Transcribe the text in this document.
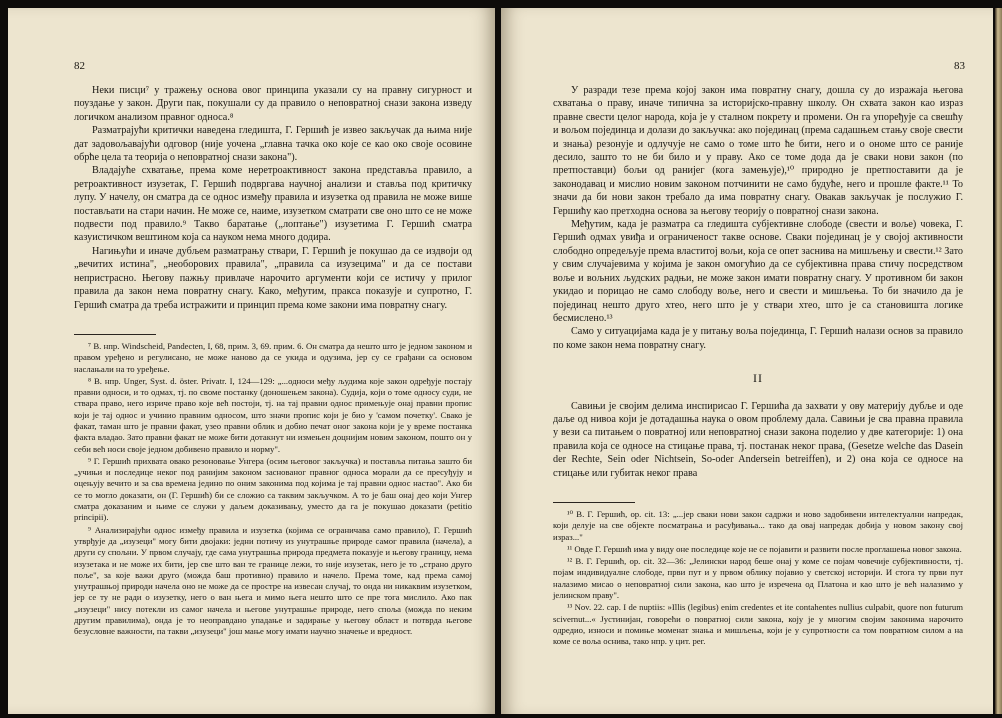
82

Неки писци⁷ у тражењу основа овог принципа указали су на правну сигурност и поуздање у закон. Други пак, покушали су да правило о неповратној снази закона изведу логичком анализом правног односа.⁸

Разматрајући критички наведена гледишта, Г. Гершић је извео закључак да њима није дат задовољавајући одговор (није уочена „главна тачка око које се као око своје осовине обрће цела та теорија о неповратној снази закона").

Владајуће схватање, према коме неретроактивност закона представља правило, а ретроактивност изузетак, Г. Гершић подвргава научној анализи и ставља под критичку лупу. У начелу, он сматра да се однос између правила и изузетка од правила не може више постављати на стари начин. Не може се, наиме, изузетком сматрати све оно што се не може подвести под правило.⁹ Такво баратање („лоптање") изузетима Г. Гершић сматра казуистичком вештином која са науком нема много додира.

Нагињући и иначе дубљем разматрању ствари, Г. Гершић је покушао да се издвоји од „вечитих истина", „необорових правила", „правила са изузецима" и да се постави непристрасно. Његову пажњу привлаче нарочито аргументи који се истичу у прилог правила да закон нема повратну снагу. Како, међутим, пракса показује и супротно, Г. Гершић сматра да треба истражити и принцип према коме закони има повратну снагу.

⁷ В. нпр. Windscheid, Pandecten, I, 68, прим. 3, 69. прим. 6. Он сматра да нешто што је једном законом и правом уређено и регулисано, не може наново да се укида и одузима, јер су се грађани са основом наслањали на то уређење.

⁸ В. нпр. Unger, Syst. d. öster. Privatr. I, 124—129: „...односи међу људима које закон одређује постају правни односи, и то одмах, тј. по своме постанку (доношењем закона). Судија, који о томе односу суди, не ствара право, него изриче право које већ постоји, тј. на тај правни однос примењује онај правни пропис који је тај однос и учинио правним односом, што значи пропис који је био у 'самом почетку'. Свако је факат, таман што је правни факат, узео правни облик и добио печат оног закона који је у време постанка факта владао. Зато правни факат не може бити дотакнут ни измењен доцнијим новим законом, пошто он у себи већ носи своје једном добивено правило и норму".

⁹ Г. Гершић прихвата овако резоновање Унгера (осим његовог закључка) и поставља питања зашто би „учињи и последице неког под ранијим законом заснованог правног односа морали да се пресуђују и оцењују вечито и за сва времена једино по оним законима под којима је тај правни однос настао". Ако би се то могло доказати, он (Г. Гершић) би се сложио са таквим закључком. А то је баш онај део који Унгер сматра доказаним и њиме се служи у даљем доказивању, уместо да га је покушао доказати (petitio principii).

⁹ Анализирајући однос између правила и изузетка (којима се ограничава само правило), Г. Гершић утврђује да „изузеци" могу бити двојаки: једни потичу из унутрашње природе самог правила (начела), а други су спољни. У првом случају, где сама унутрашња природа предмета показује и његову границу, нема изузетака и не може их бити, јер све што ван те границе лежи, то није изузетак, него је то „страно друго поље", за које важи друго (можда баш противно) правило и начело. Према томе, кад према самој унутрашњој природи начела оно не може да се простре на извесан случај, то онда ни никаквим изузетком, јер се ту не ради о изузетку, него о ван њега и мимо њега нешто што се пре тога мислило. Ако пак „изузеци" нису потекли из самог начела и његове унутрашње природе, него споља (можда по неким другим правилима), онда је то неоправдано упадање и задирање у његову област и потврда његове безусловне важности, па такви „изузеци" још мање могу имати научно значење и вредност.

83

У разради тезе према којој закон има повратну снагу, дошла су до изражаја његова схватања о праву, иначе типична за историјско-правну школу. Он схвата закон као израз правне свести целог народа, која је у сталном покрету и промени. Он га упоређује са свешћу и вољом појединца и долази до закључка: ако појединац (према садашњем стању своје свести и знања) резонује и одлучује не само о томе што ће бити, него и о ономе што се раније десило, зашто то не би било и у праву. Ако се томе дода да је сваки нови закон (по претпоставци) бољи од ранијег (кога замењује),¹⁰ природно је претпоставити да је законодавац и мислио новим законом потчинити не само будуће, него и прошле факте.¹¹ То значи да би нови закон требало да има повратну снагу. Овакав закључак је послужио Г. Гершићу као претходна основа за његову теорију о повратној снази закона.

Међутим, када је разматра са гледишта субјективне слободе (свести и воље) човека, Г. Гершић одмах увиђа и ограниченост такве основе. Сваки појединац је у својој активности слободно опредељује према властитој вољи, која се опет заснива на мишљењу и свести.¹² Зато у свим случајевима у којима је закон омогућио да се субјективна права стичу посредством воље и вољних људских радњи, не може закон имати повратну снагу. У противном би закон укидао и порицао не само слободу воље, него и свести и мишљења. То би значило да је појединац нешто друго хтео, него што је у ствари хтео, што је са становишта логике бесмислено.¹³

Само у ситуацијама када је у питању воља појединца, Г. Гершић налази основ за правило по коме закон нема повратну снагу.

II

Савињи је својим делима инспирисао Г. Гершића да захвати у ову материју дубље и оде даље од нивоа који је дотадашња наука о овом проблему дала. Савињи је сва правна правила у вези са питањем о повратној или неповратној снази закона поделио у две категорије: 1) она правила која се односе на стицање права, тј. постанак неког права, (Gesetze welche das Dasein der Rechte, Sein oder Nichtsein, So-oder Andersein betreiffen), и 2) она која се односе на стицање или губитак неког права

¹⁰ В. Г. Гершић, op. cit. 13: „...јер сваки нови закон садржи и ново задобивени интелектуални напредак, који делује на све објекте посматрања и расуђивања... тако да овај напредак добија у новом закону свој израз..."

¹¹ Овде Г. Гершић има у виду оне последице које не се појавити и развити после проглашења новог закона.

¹² В. Г. Гершић, op. cit. 32—36: „Јелински народ беше онај у коме се појам човечије субјективности, тј. појам индивидуалне слободе, први пут и у првом облику појавио у светској историји. И стога ту први пут налазимо мисао о неповратној сили закона, као што је изречена од Платона и као што је већ налазимо у јелинском праву".

¹³ Nov. 22. cap. I de nuptiis: »Illis (legibus) enim credentes et ite contahentes nullius culpabit, quore non futurum scivernut...« Јустинијан, говорећи о повратној сили закона, коју је у многим својим законима нарочито одредио, износи и помиње моменат знања и мишљења, који је у супротности са том повратном силом а на коме се воља оснива, тако нпр. у цит. рег.
